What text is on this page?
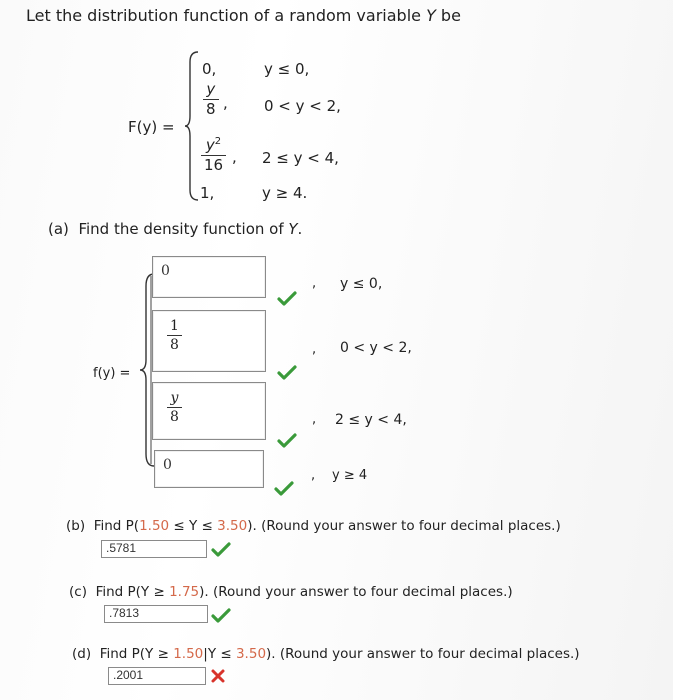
Let the distribution function of a random variable Y be
F(y) =
0,	y ≤ 0,
y
8 , 0 < y < 2,
$y^2$
16 , 2 ≤ y < 4,
1,	y ≥ 4.
(a) Find the density function of Y.
f(y) =
0
, y ≤ 0,
1
8	, 0 < y < 2,
y
8	, 2 ≤ y < 4,
0
, y ≥ 4
(b) Find P(1.50 ≤ Y ≤ 3.50). (Round your answer to four decimal places.)
.5781
(c) Find P(Y ≥ 1.75). (Round your answer to four decimal places.)
.7813
(d) Find P(Y ≥ 1.50|Y ≤ 3.50). (Round your answer to four decimal places.)
.2001
